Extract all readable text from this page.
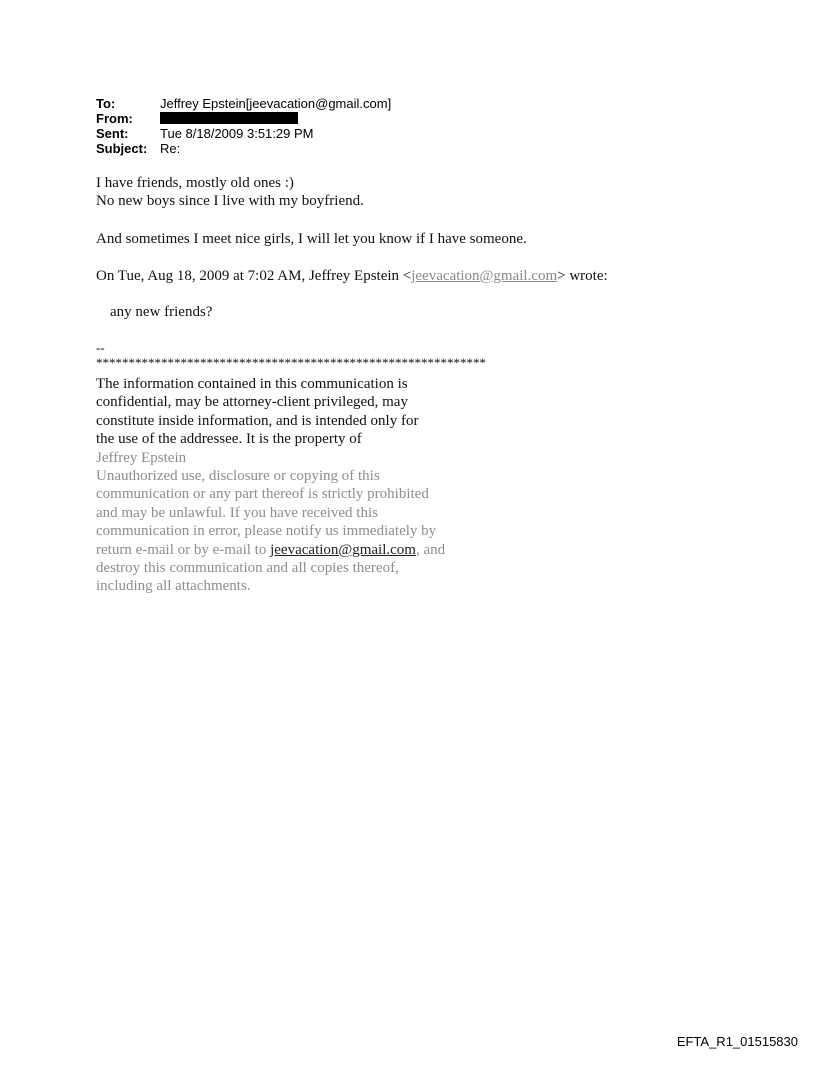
To:	Jeffrey Epstein[jeevacation@gmail.com]
From:
Sent:	Tue 8/18/2009 3:51:29 PM
Subject: Re:
I have friends, mostly old ones :)
No new boys since I live with my boyfriend.
And sometimes I meet nice girls, I will let you know if I have someone.
On Tue, Aug 18, 2009 at 7:02 AM, Jeffrey Epstein <jeevacation@gmail.com> wrote:
any new friends?
--
************************************************************
The information contained in this communication is
confidential, may be attorney-client privileged, may
constitute inside information, and is intended only for
the use of the addressee. It is the property of
Jeffrey Epstein
Unauthorized use, disclosure or copying of this
communication or any part thereof is strictly prohibited
and may be unlawful. If you have received this
communication in error, please notify us immediately by
return e-mail or by e-mail to jeevacation@gmail.com, and
destroy this communication and all copies thereof,
including all attachments.
EFTA_R1_01515830
